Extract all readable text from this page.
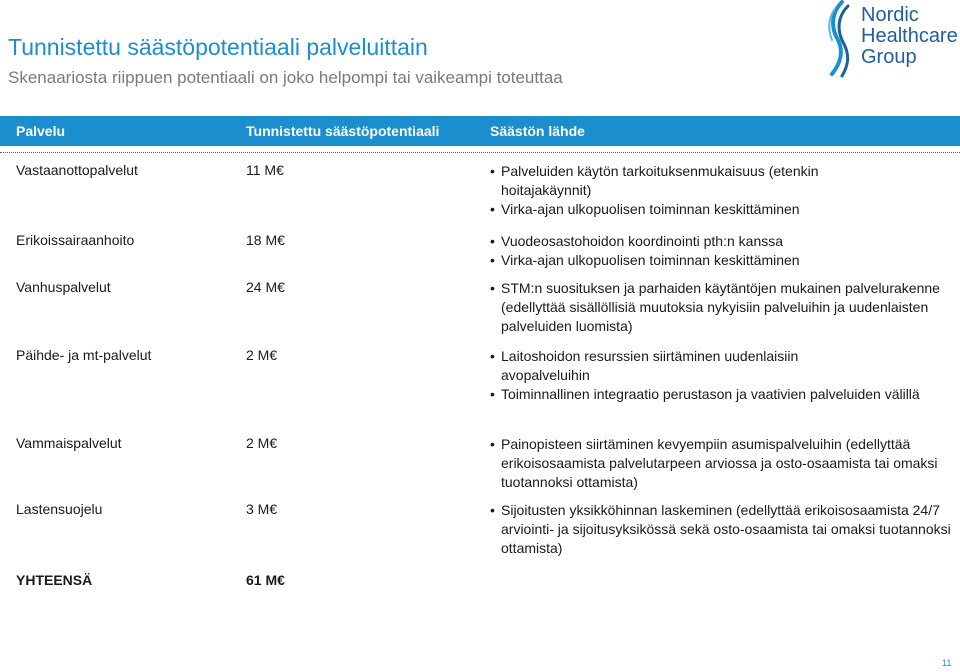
Tunnistettu säästöpotentiaali palveluittain
Skenaariosta riippuen potentiaali on joko helpompi tai vaikeampi toteuttaa
Nordic
Healthcare
Group
Palvelu	Tunnistettu säästöpotentiaali	Säästön lähde
Vastaanottopalvelut	11 M€	• Palveluiden käytön tarkoituksenmukaisuus (etenkin hoitajakäynnit)
• Virka-ajan ulkopuolisen toiminnan keskittäminen
Erikoissairaanhoito	18 M€	• Vuodeosastohoidon koordinointi pth:n kanssa
• Virka-ajan ulkopuolisen toiminnan keskittäminen
Vanhuspalvelut	24 M€	• STM:n suosituksen ja parhaiden käytäntöjen mukainen palvelurakenne (edellyttää sisällöllisiä muutoksia nykyisiin palveluihin ja uudenlaisten palveluiden luomista)
Päihde- ja mt-palvelut	2 M€	• Laitoshoidon resurssien siirtäminen uudenlaisiin avopalveluihin
• Toiminnallinen integraatio perustason ja vaativien palveluiden välillä
Vammaispalvelut	2 M€	• Painopisteen siirtäminen kevyempiin asumispalveluihin (edellyttää erikoisosaamista palvelutarpeen arviossa ja osto-osaamista tai omaksi tuotannoksi ottamista)
Lastensuojelu	3 M€	• Sijoitusten yksikköhinnan laskeminen (edellyttää erikoisosaamista 24/7 arviointi- ja sijoitusyksikössä sekä osto-osaamista tai omaksi tuotannoksi ottamista)
YHTEENSÄ	61 M€
11
